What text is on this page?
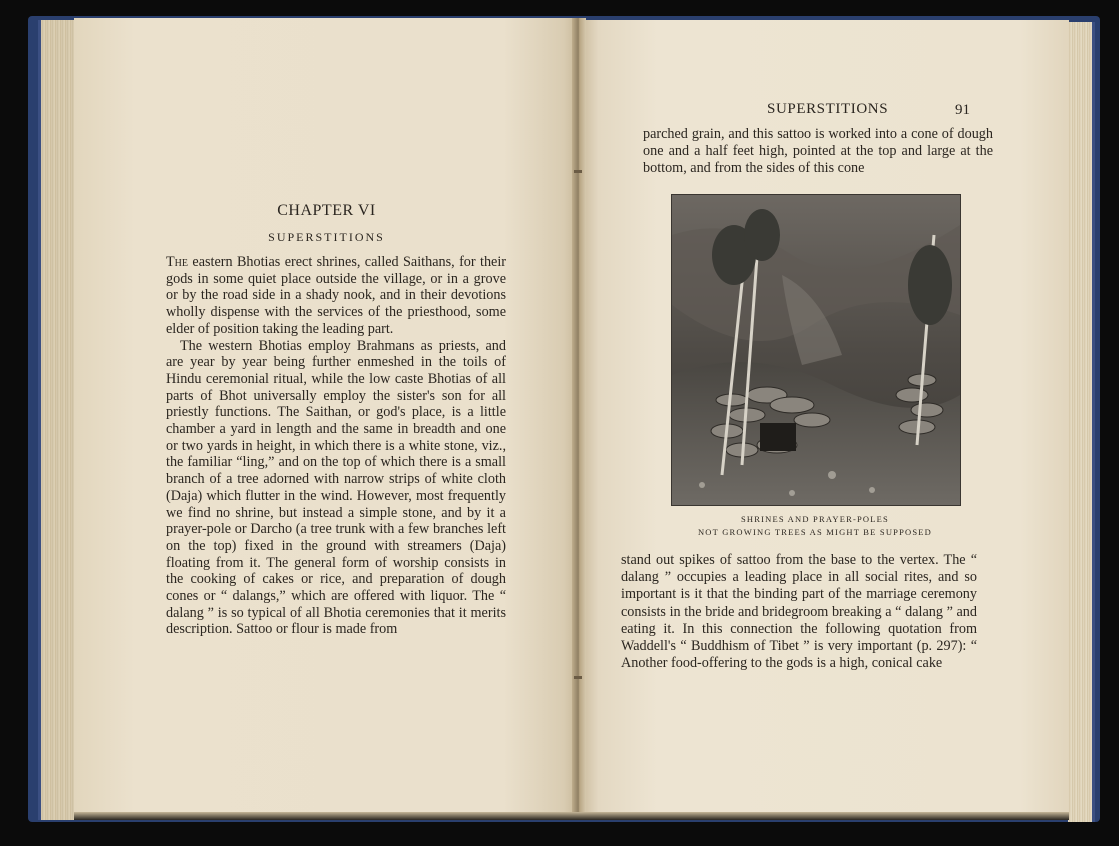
CHAPTER VI
SUPERSTITIONS

The eastern Bhotias erect shrines, called Saithans, for their gods in some quiet place outside the village, or in a grove or by the road side in a shady nook, and in their devotions wholly dispense with the services of the priesthood, some elder of position taking the leading part.

The western Bhotias employ Brahmans as priests, and are year by year being further enmeshed in the toils of Hindu ceremonial ritual, while the low caste Bhotias of all parts of Bhot universally employ the sister's son for all priestly functions. The Saithan, or god's place, is a little chamber a yard in length and the same in breadth and one or two yards in height, in which there is a white stone, viz., the familiar “ling,” and on the top of which there is a small branch of a tree adorned with narrow strips of white cloth (Daja) which flutter in the wind. However, most frequently we find no shrine, but instead a simple stone, and by it a prayer-pole or Darcho (a tree trunk with a few branches left on the top) fixed in the ground with streamers (Daja) floating from it. The general form of worship consists in the cooking of cakes or rice, and preparation of dough cones or “ dalangs,” which are offered with liquor. The “ dalang ” is so typical of all Bhotia ceremonies that it merits description. Sattoo or flour is made from

SUPERSTITIONS	91
parched grain, and this sattoo is worked into a cone of dough one and a half feet high, pointed at the top and large at the bottom, and from the sides of this cone
SHRINES AND PRAYER-POLES
NOT GROWING TREES AS MIGHT BE SUPPOSED
stand out spikes of sattoo from the base to the vertex. The “ dalang ” occupies a leading place in all social rites, and so important is it that the binding part of the marriage ceremony consists in the bride and bridegroom breaking a “ dalang ” and eating it. In this connection the following quotation from Waddell's “ Buddhism of Tibet ” is very important (p. 297): “ Another food-offering to the gods is a high, conical cake
